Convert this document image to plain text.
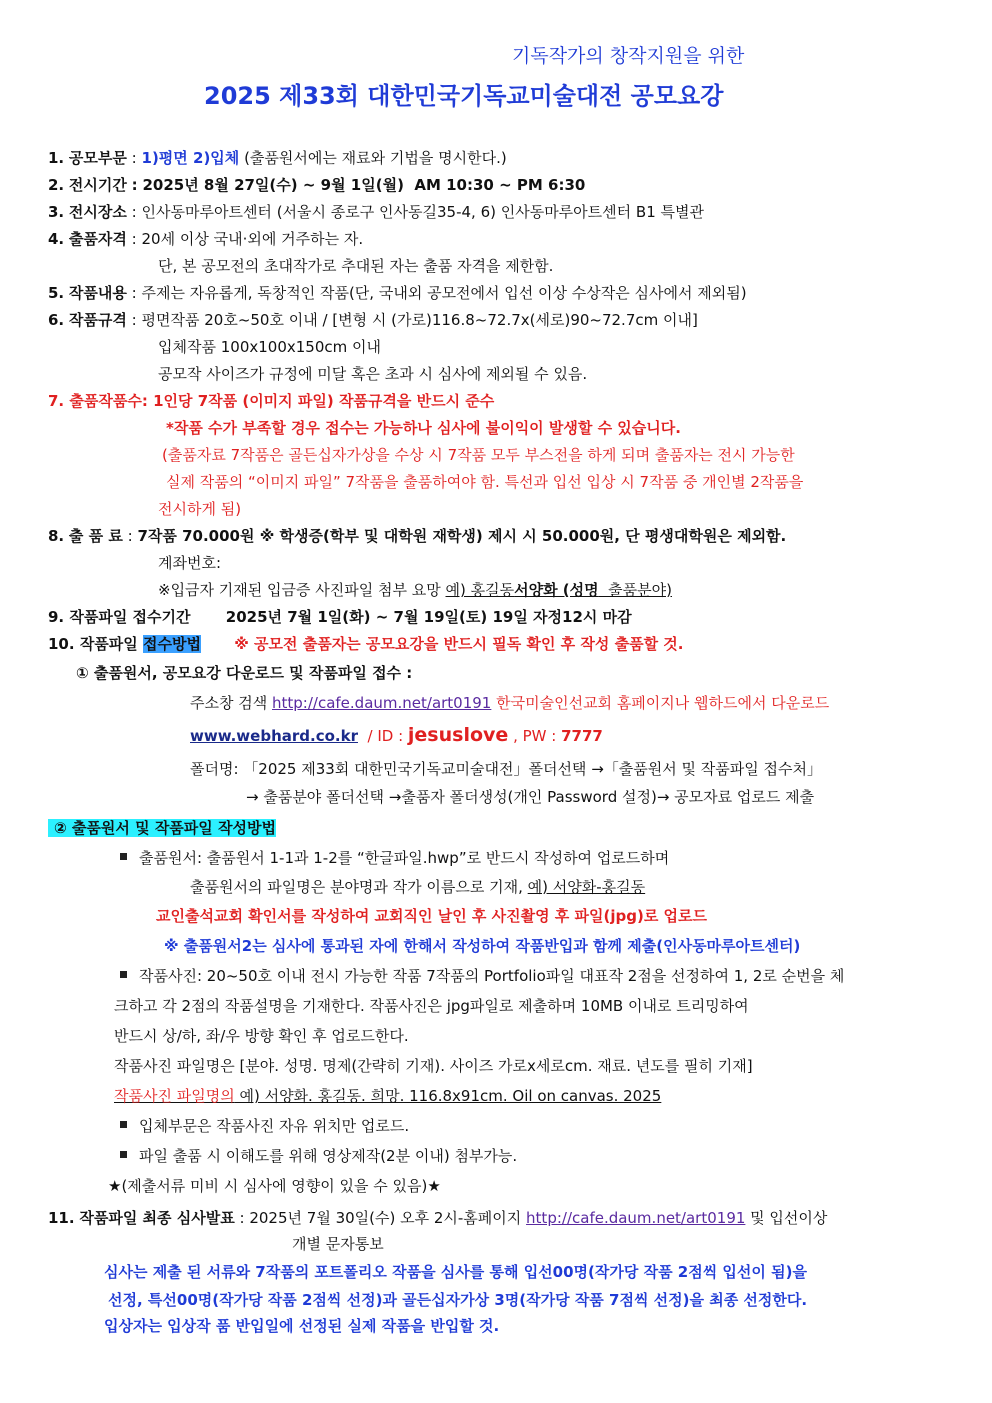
기독작가의 창작지원을 위한
2025 제33회 대한민국기독교미술대전 공모요강
1. 공모부문 : 1)평면 2)입체 (출품원서에는 재료와 기법을 명시한다.)
2. 전시기간 : 2025년 8월 27일(수) ~ 9월 1일(월)  AM 10:30 ~ PM 6:30
3. 전시장소 : 인사동마루아트센터 (서울시 종로구 인사동길35-4, 6) 인사동마루아트센터 B1 특별관
4. 출품자격 : 20세 이상 국내·외에 거주하는 자.
단, 본 공모전의 초대작가로 추대된 자는 출품 자격을 제한함.
5. 작품내용 : 주제는 자유롭게, 독창적인 작품(단, 국내외 공모전에서 입선 이상 수상작은 심사에서 제외됨)
6. 작품규격 : 평면작품 20호~50호 이내 / [변형 시 (가로)116.8~72.7x(세로)90~72.7cm 이내]
입체작품 100x100x150cm 이내
공모작 사이즈가 규정에 미달 혹은 초과 시 심사에 제외될 수 있음.
7. 출품작품수: 1인당 7작품 (이미지 파일) 작품규격을 반드시 준수
*작품 수가 부족할 경우 접수는 가능하나 심사에 불이익이 발생할 수 있습니다.
(출품자료 7작품은 골든십자가상을 수상 시 7작품 모두 부스전을 하게 되며 출품자는 전시 가능한
실제 작품의 “이미지 파일” 7작품을 출품하여야 함. 특선과 입선 입상 시 7작품 중 개인별 2작품을
전시하게 됨)
8. 출 품 료 : 7작품 70.000원 ※ 학생증(학부 및 대학원 재학생) 제시 시 50.000원, 단 평생대학원은 제외함.
계좌번호:
※입금자 기재된 입금증 사진파일 첨부 요망 예) 홍길동서양화 (성명  출품분야)
9. 작품파일 접수기간 2025년 7월 1일(화) ~ 7월 19일(토) 19일 자정12시 마감
10. 작품파일 접수방법 ※ 공모전 출품자는 공모요강을 반드시 필독 확인 후 작성 출품할 것.
① 출품원서, 공모요강 다운로드 및 작품파일 접수 :
주소창 검색 http://cafe.daum.net/art0191 한국미술인선교회 홈페이지나 웹하드에서 다운로드
www.webhard.co.kr  / ID : jesuslove , PW : 7777
폴더명: 「2025 제33회 대한민국기독교미술대전」폴더선택 →「출품원서 및 작품파일 접수처」
→ 출품분야 폴더선택 →출품자 폴더생성(개인 Password 설정)→ 공모자료 업로드 제출
② 출품원서 및 작품파일 작성방법
출품원서: 출품원서 1-1과 1-2를 “한글파일.hwp”로 반드시 작성하여 업로드하며
출품원서의 파일명은 분야명과 작가 이름으로 기재, 예) 서양화-홍길동
교인출석교회 확인서를 작성하여 교회직인 날인 후 사진촬영 후 파일(jpg)로 업로드
※ 출품원서2는 심사에 통과된 자에 한해서 작성하여 작품반입과 함께 제출(인사동마루아트센터)
작품사진: 20~50호 이내 전시 가능한 작품 7작품의 Portfolio파일 대표작 2점을 선정하여 1, 2로 순번을 체
크하고 각 2점의 작품설명을 기재한다. 작품사진은 jpg파일로 제출하며 10MB 이내로 트리밍하여
반드시 상/하, 좌/우 방향 확인 후 업로드한다.
작품사진 파일명은 [분야. 성명. 명제(간략히 기재). 사이즈 가로x세로cm. 재료. 년도를 필히 기재]
작품사진 파일명의 예) 서양화. 홍길동. 희망. 116.8x91cm. Oil on canvas. 2025
입체부문은 작품사진 자유 위치만 업로드.
파일 출품 시 이해도를 위해 영상제작(2분 이내) 첨부가능.
★(제출서류 미비 시 심사에 영향이 있을 수 있음)★
11. 작품파일 최종 심사발표 : 2025년 7월 30일(수) 오후 2시-홈페이지 http://cafe.daum.net/art0191 및 입선이상
개별 문자통보
심사는 제출 된 서류와 7작품의 포트폴리오 작품을 심사를 통해 입선00명(작가당 작품 2점씩 입선이 됨)을
선정, 특선00명(작가당 작품 2점씩 선정)과 골든십자가상 3명(작가당 작품 7점씩 선정)을 최종 선정한다.
입상자는 입상작 품 반입일에 선정된 실제 작품을 반입할 것.
